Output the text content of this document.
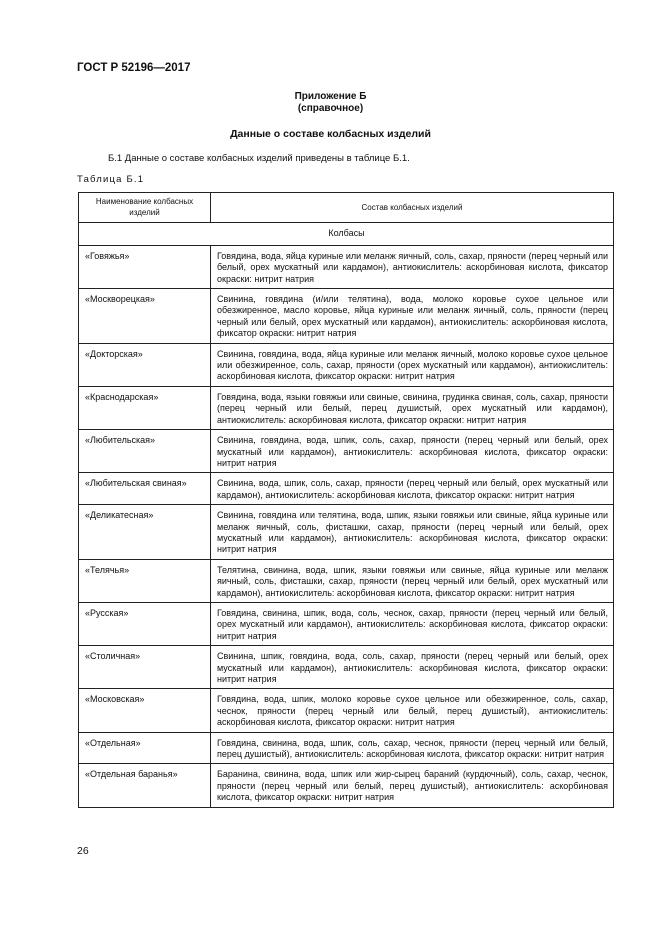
ГОСТ Р 52196—2017
Приложение Б
(справочное)
Данные о составе колбасных изделий
Б.1 Данные о составе колбасных изделий приведены в таблице Б.1.
Таблица Б.1
Наименование колбасных изделий	Состав колбасных изделий
Колбасы	
«Говяжья»	Говядина, вода, яйца куриные или меланж яичный, соль, сахар, пряности (перец черный или белый, орех мускатный или кардамон), антиокислитель: аскорбиновая кислота, фиксатор окраски: нитрит натрия
«Москворецкая»	Свинина, говядина (и/или телятина), вода, молоко коровье сухое цельное или обезжиренное, масло коровье, яйца куриные или меланж яичный, соль, пряности (перец черный или белый, орех мускатный или кардамон), антиокислитель: аскорбиновая кислота, фиксатор окраски: нитрит натрия
«Докторская»	Свинина, говядина, вода, яйца куриные или меланж яичный, молоко коровье сухое цельное или обезжиренное, соль, сахар, пряности (орех мускатный или кардамон), антиокислитель: аскорбиновая кислота, фиксатор окраски: нитрит натрия
«Краснодарская»	Говядина, вода, языки говяжьи или свиные, свинина, грудинка свиная, соль, сахар, пряности (перец черный или белый, перец душистый, орех мускатный или кардамон), антиокислитель: аскорбиновая кислота, фиксатор окраски: нитрит натрия
«Любительская»	Свинина, говядина, вода, шпик, соль, сахар, пряности (перец черный или белый, орех мускатный или кардамон), антиокислитель: аскорбиновая кислота, фиксатор окраски: нитрит натрия
«Любительская свиная»	Свинина, вода, шпик, соль, сахар, пряности (перец черный или белый, орех мускатный или кардамон), антиокислитель: аскорбиновая кислота, фиксатор окраски: нитрит натрия
«Деликатесная»	Свинина, говядина или телятина, вода, шпик, языки говяжьи или свиные, яйца куриные или меланж яичный, соль, фисташки, сахар, пряности (перец черный или белый, орех мускатный или кардамон), антиокислитель: аскорбиновая кислота, фиксатор окраски: нитрит натрия
«Телячья»	Телятина, свинина, вода, шпик, языки говяжьи или свиные, яйца куриные или меланж яичный, соль, фисташки, сахар, пряности (перец черный или белый, орех мускатный или кардамон), антиокислитель: аскорбиновая кислота, фиксатор окраски: нитрит натрия
«Русская»	Говядина, свинина, шпик, вода, соль, чеснок, сахар, пряности (перец черный или белый, орех мускатный или кардамон), антиокислитель: аскорбиновая кислота, фиксатор окраски: нитрит натрия
«Столичная»	Свинина, шпик, говядина, вода, соль, сахар, пряности (перец черный или белый, орех мускатный или кардамон), антиокислитель: аскорбиновая кислота, фиксатор окраски: нитрит натрия
«Московская»	Говядина, вода, шпик, молоко коровье сухое цельное или обезжиренное, соль, сахар, чеснок, пряности (перец черный или белый, перец душистый), антиокислитель: аскорбиновая кислота, фиксатор окраски: нитрит натрия
«Отдельная»	Говядина, свинина, вода, шпик, соль, сахар, чеснок, пряности (перец черный или белый, перец душистый), антиокислитель: аскорбиновая кислота, фиксатор окраски: нитрит натрия
«Отдельная баранья»	Баранина, свинина, вода, шпик или жир-сырец бараний (курдючный), соль, сахар, чеснок, пряности (перец черный или белый, перец душистый), антиокислитель: аскорбиновая кислота, фиксатор окраски: нитрит натрия
26
